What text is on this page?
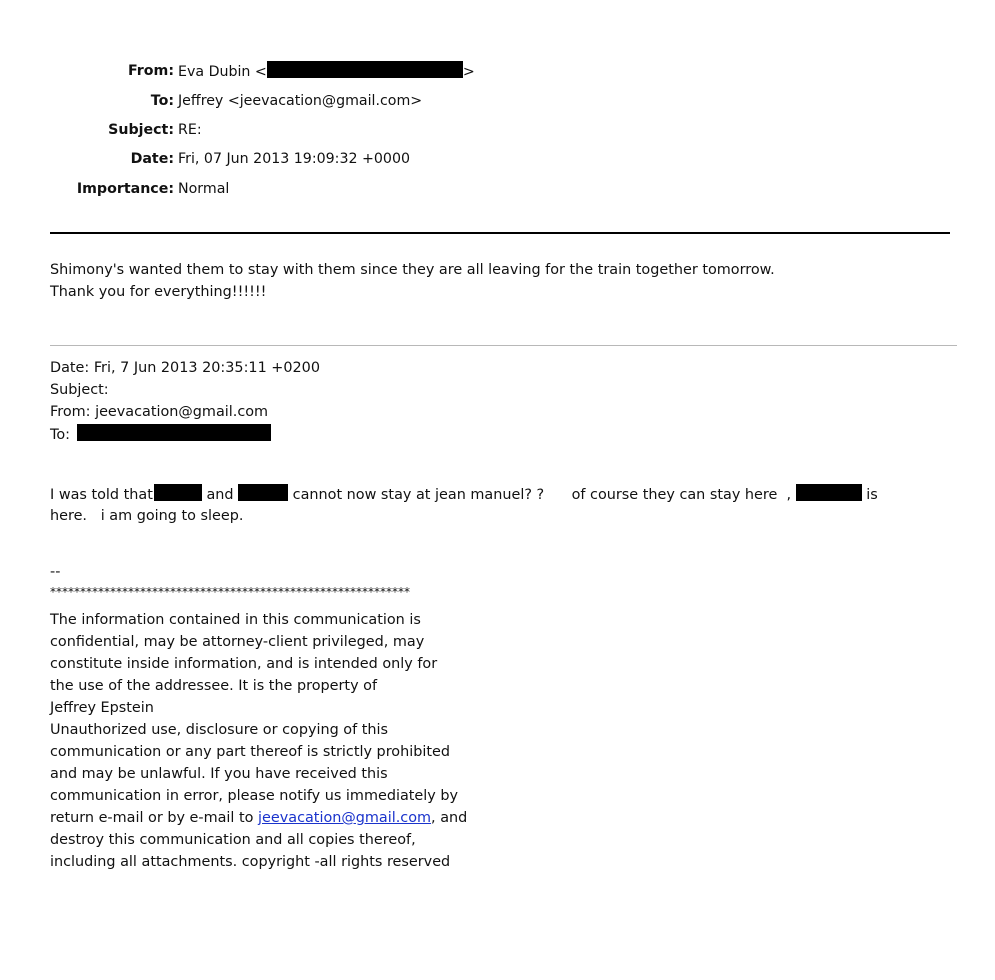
From: Eva Dubin <	>
To: Jeffrey <jeevacation@gmail.com>
Subject: RE:
Date: Fri, 07 Jun 2013 19:09:32 +0000
Importance: Normal
Shimony's wanted them to stay with them since they are all leaving for the train together tomorrow.
Thank you for everything!!!!!!
Date: Fri, 7 Jun 2013 20:35:11 +0200
Subject:
From: jeevacation@gmail.com
To:
I was told that	and	cannot now stay at jean manuel? ?      of course they can stay here  ,	is
here.   i am going to sleep.
--
************************************************************
The information contained in this communication is
confidential, may be attorney-client privileged, may
constitute inside information, and is intended only for
the use of the addressee. It is the property of
Jeffrey Epstein
Unauthorized use, disclosure or copying of this
communication or any part thereof is strictly prohibited
and may be unlawful. If you have received this
communication in error, please notify us immediately by
return e-mail or by e-mail to jeevacation@gmail.com, and
destroy this communication and all copies thereof,
including all attachments. copyright -all rights reserved
